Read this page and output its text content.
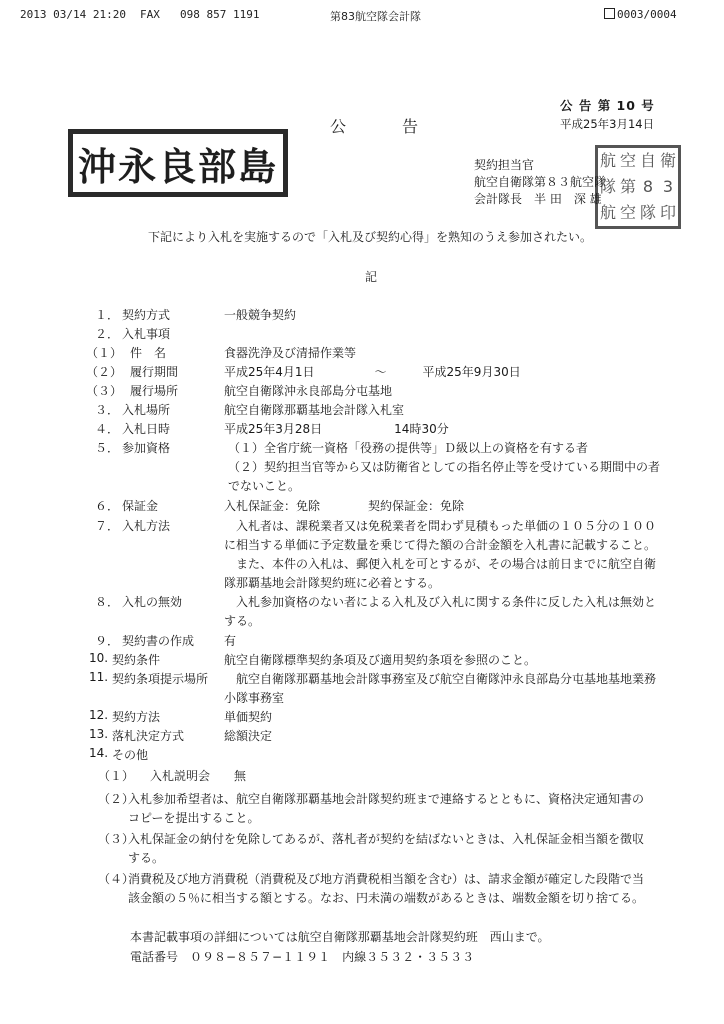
2013 03/14 21:20 FAX 098 857 1191	第83航空隊会計隊	0003/0004
公 告 第 10 号
公　　　告	平成25年3月14日
沖永良部島	航 空 自 衛
隊 第 8 3
航 空 隊 印
契約担当官
航空自衛隊第８３航空隊
会計隊長　半 田　深 雄
下記により入札を実施するので「入札及び契約心得」を熟知のうえ参加されたい。
記
１． 契約方式	一般競争契約
２． 入札事項
（１） 件　名	食器洗浄及び清掃作業等
（２） 履行期間	平成25年4月1日　　　　　〜　　　平成25年9月30日
（３） 履行場所	航空自衛隊沖永良部島分屯基地
３． 入札場所	航空自衛隊那覇基地会計隊入札室
４． 入札日時	平成25年3月28日　　　　　　14時30分
５． 参加資格	（１）全省庁統一資格「役務の提供等」Ｄ級以上の資格を有する者
（２）契約担当官等から又は防衛省としての指名停止等を受けている期間中の者
でないこと。
６． 保証金	入札保証金：免除　　　　契約保証金：免除
７． 入札方法	入札者は、課税業者又は免税業者を問わず見積もった単価の１０５分の１００
に相当する単価に予定数量を乗じて得た額の合計金額を入札書に記載すること。
また、本件の入札は、郵便入札を可とするが、その場合は前日までに航空自衛
隊那覇基地会計隊契約班に必着とする。
８． 入札の無効	入札参加資格のない者による入札及び入札に関する条件に反した入札は無効と
する。
９． 契約書の作成 有
10. 契約条件	航空自衛隊標準契約条項及び適用契約条項を参照のこと。
11. 契約条項提示場所 航空自衛隊那覇基地会計隊事務室及び航空自衛隊沖永良部島分屯基地基地業務
小隊事務室
12. 契約方法	単価契約
13. 落札決定方式	総額決定
14. その他
（１） 入札説明会　　無
（２）
入札参加希望者は、航空自衛隊那覇基地会計隊契約班まで連絡するとともに、資格決定通知書の
コピーを提出すること。
（３）
入札保証金の納付を免除してあるが、落札者が契約を結ばないときは、入札保証金相当額を徴収
する。
（４）
消費税及び地方消費税（消費税及び地方消費税相当額を含む）は、請求金額が確定した段階で当
該金額の５％に相当する額とする。なお、円未満の端数があるときは、端数金額を切り捨てる。
本書記載事項の詳細については航空自衛隊那覇基地会計隊契約班　西山まで。
電話番号　０９８−８５７−１１９１　内線３５３２・３５３３
